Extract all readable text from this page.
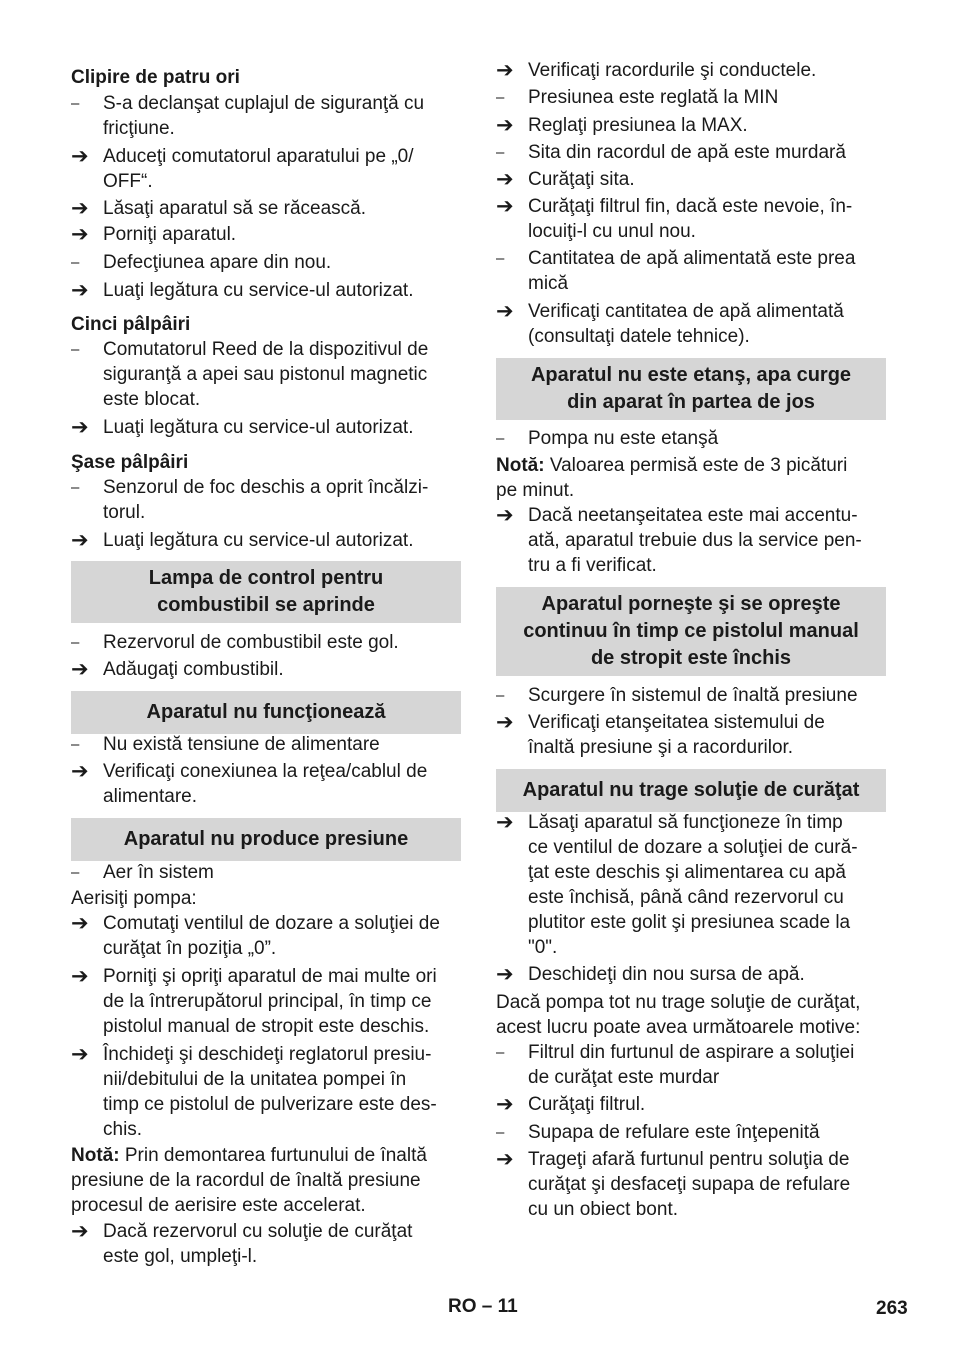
Clipire de patru ori
–	S-a declanşat cuplajul de siguranţă cu
fricţiune.
➔ Aduceţi comutatorul aparatului pe „0/
OFF“.
➔ Lăsaţi aparatul să se răcească.
➔ Porniţi aparatul.
–	Defecţiunea apare din nou.
➔ Luaţi legătura cu service-ul autorizat.
Cinci pâlpâiri
–	Comutatorul Reed de la dispozitivul de
siguranţă a apei sau pistonul magnetic
este blocat.
➔ Luaţi legătura cu service-ul autorizat.
Şase pâlpâiri
–	Senzorul de foc deschis a oprit încălzi-
torul.
➔ Luaţi legătura cu service-ul autorizat.
Lampa de control pentru
combustibil se aprinde
–	Rezervorul de combustibil este gol.
➔ Adăugaţi combustibil.
Aparatul nu funcţionează
–	Nu există tensiune de alimentare
➔ Verificaţi conexiunea la reţea/cablul de
alimentare.
Aparatul nu produce presiune
–	Aer în sistem
Aerisiţi pompa:
➔ Comutaţi ventilul de dozare a soluţiei de
curăţat în poziţia „0”.
➔ Porniţi şi opriţi aparatul de mai multe ori
de la întrerupătorul principal, în timp ce
pistolul manual de stropit este deschis.
➔ Închideţi şi deschideţi reglatorul presiu-
nii/debitului de la unitatea pompei în
timp ce pistolul de pulverizare este des-
chis.
Notă: Prin demontarea furtunului de înaltă
presiune de la racordul de înaltă presiune
procesul de aerisire este accelerat.
➔ Dacă rezervorul cu soluţie de curăţat
este gol, umpleţi-l.
➔ Verificaţi racordurile şi conductele.
–	Presiunea este reglată la MIN
➔ Reglaţi presiunea la MAX.
–	Sita din racordul de apă este murdară
➔ Curăţaţi sita.
➔ Curăţaţi filtrul fin, dacă este nevoie, în-
locuiţi-l cu unul nou.
–	Cantitatea de apă alimentată este prea
mică
➔ Verificaţi cantitatea de apă alimentată
(consultaţi datele tehnice).
Aparatul nu este etanş, apa curge
din aparat în partea de jos
–	Pompa nu este etanşă
Notă: Valoarea permisă este de 3 picături
pe minut.
➔ Dacă neetanşeitatea este mai accentu-
ată, aparatul trebuie dus la service pen-
tru a fi verificat.
Aparatul porneşte şi se opreşte
continuu în timp ce pistolul manual
de stropit este închis
–	Scurgere în sistemul de înaltă presiune
➔ Verificaţi etanşeitatea sistemului de
înaltă presiune şi a racordurilor.
Aparatul nu trage soluţie de curăţat
➔ Lăsaţi aparatul să funcţioneze în timp
ce ventilul de dozare a soluţiei de cură-
ţat este deschis şi alimentarea cu apă
este închisă, până când rezervorul cu
plutitor este golit şi presiunea scade la
"0".
➔ Deschideţi din nou sursa de apă.
Dacă pompa tot nu trage soluţie de curăţat,
acest lucru poate avea următoarele motive:
–	Filtrul din furtunul de aspirare a soluţiei
de curăţat este murdar
➔ Curăţaţi filtrul.
–	Supapa de refulare este înţepenită
➔ Trageţi afară furtunul pentru soluţia de
curăţat şi desfaceţi supapa de refulare
cu un obiect bont.
RO – 11	263
